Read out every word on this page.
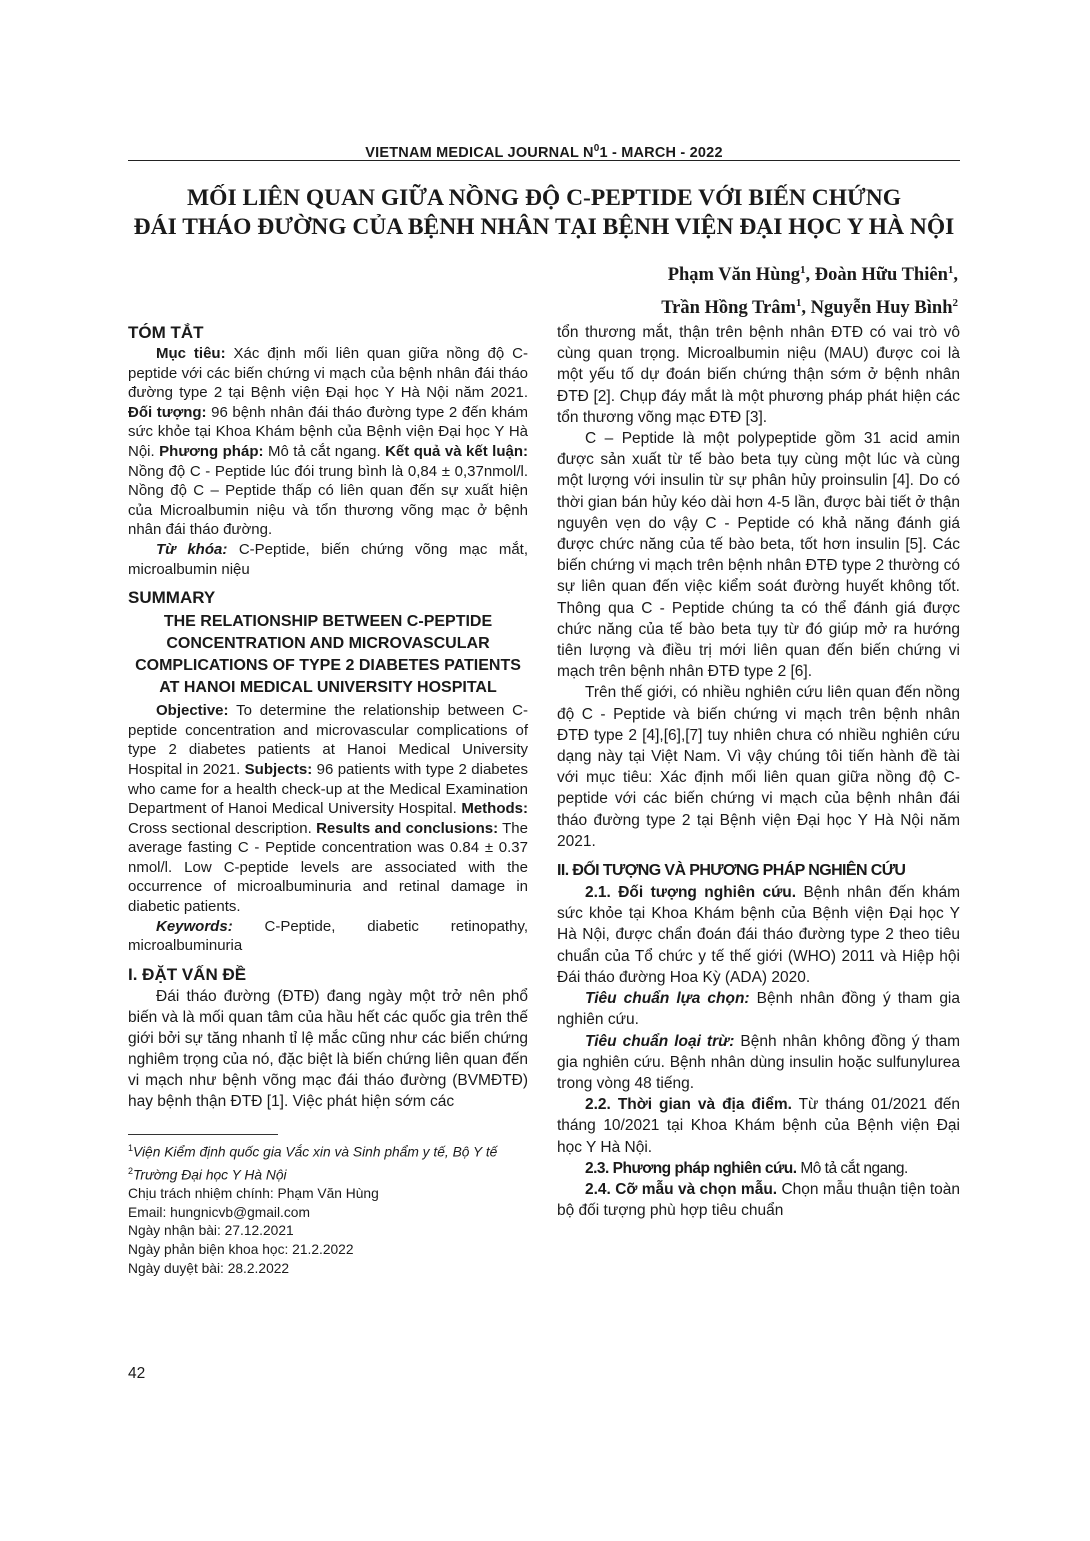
VIETNAM MEDICAL JOURNAL $N^01$ - MARCH - 2022
MỐI LIÊN QUAN GIỮA NỒNG ĐỘ C-PEPTIDE VỚI BIẾN CHỨNG
ĐÁI THÁO ĐƯỜNG CỦA BỆNH NHÂN TẠI BỆNH VIỆN ĐẠI HỌC Y HÀ NỘI
Phạm Văn Hùng$^1$, Đoàn Hữu Thiên$^1$,
Trần Hồng Trâm$^1$, Nguyễn Huy Bình$^2$
TÓM TẮT

Mục tiêu: Xác định mối liên quan giữa nồng độ C-peptide với các biến chứng vi mạch của bệnh nhân đái tháo đường type 2 tại Bệnh viện Đại học Y Hà Nội năm 2021. Đối tượng: 96 bệnh nhân đái tháo đường type 2 đến khám sức khỏe tại Khoa Khám bệnh của Bệnh viện Đại học Y Hà Nội. Phương pháp: Mô tả cắt ngang. Kết quả và kết luận: Nồng độ C - Peptide lúc đói trung bình là 0,84 ± 0,37nmol/l. Nồng độ C – Peptide thấp có liên quan đến sự xuất hiện của Microalbumin niệu và tổn thương võng mạc ở bệnh nhân đái tháo đường.

Từ khóa: C-Peptide, biến chứng võng mạc mắt, microalbumin niệu

SUMMARY

THE RELATIONSHIP BETWEEN C-PEPTIDE CONCENTRATION AND MICROVASCULAR COMPLICATIONS OF TYPE 2 DIABETES PATIENTS AT HANOI MEDICAL UNIVERSITY HOSPITAL

Objective: To determine the relationship between C-peptide concentration and microvascular complications of type 2 diabetes patients at Hanoi Medical University Hospital in 2021. Subjects: 96 patients with type 2 diabetes who came for a health check-up at the Medical Examination Department of Hanoi Medical University Hospital. Methods: Cross sectional description. Results and conclusions: The average fasting C - Peptide concentration was 0.84 ± 0.37 nmol/l. Low C-peptide levels are associated with the occurrence of microalbuminuria and retinal damage in diabetic patients.

Keywords: C-Peptide, diabetic retinopathy, microalbuminuria

I. ĐẶT VẤN ĐỀ

Đái tháo đường (ĐTĐ) đang ngày một trở nên phổ biến và là mối quan tâm của hầu hết các quốc gia trên thế giới bởi sự tăng nhanh tỉ lệ mắc cũng như các biến chứng nghiêm trọng của nó, đặc biệt là biến chứng liên quan đến vi mạch như bệnh võng mạc đái tháo đường (BVMĐTĐ) hay bệnh thận ĐTĐ [1]. Việc phát hiện sớm các

$^1$Viện Kiểm định quốc gia Vắc xin và Sinh phẩm y tế, Bộ Y tế

$^2$Trường Đại học Y Hà Nội

Chịu trách nhiệm chính: Phạm Văn Hùng

Email: hungnicvb@gmail.com

Ngày nhận bài: 27.12.2021

Ngày phản biện khoa học: 21.2.2022

Ngày duyệt bài: 28.2.2022

tổn thương mắt, thận trên bệnh nhân ĐTĐ có vai trò vô cùng quan trọng. Microalbumin niệu (MAU) được coi là một yếu tố dự đoán biến chứng thận sớm ở bệnh nhân ĐTĐ [2]. Chụp đáy mắt là một phương pháp phát hiện các tổn thương võng mạc ĐTĐ [3].

C – Peptide là một polypeptide gồm 31 acid amin được sản xuất từ tế bào beta tụy cùng một lúc và cùng một lượng với insulin từ sự phân hủy proinsulin [4]. Do có thời gian bán hủy kéo dài hơn 4-5 lần, được bài tiết ở thận nguyên vẹn do vậy C - Peptide có khả năng đánh giá được chức năng của tế bào beta, tốt hơn insulin [5]. Các biến chứng vi mạch trên bệnh nhân ĐTĐ type 2 thường có sự liên quan đến việc kiểm soát đường huyết không tốt. Thông qua C - Peptide chúng ta có thể đánh giá được chức năng của tế bào beta tụy từ đó giúp mở ra hướng tiên lượng và điều trị mới liên quan đến biến chứng vi mạch trên bệnh nhân ĐTĐ type 2 [6].

Trên thế giới, có nhiều nghiên cứu liên quan đến nồng độ C - Peptide và biến chứng vi mạch trên bệnh nhân ĐTĐ type 2 [4],[6],[7] tuy nhiên chưa có nhiều nghiên cứu dạng này tại Việt Nam. Vì vậy chúng tôi tiến hành đề tài với mục tiêu: Xác định mối liên quan giữa nồng độ C-peptide với các biến chứng vi mạch của bệnh nhân đái tháo đường type 2 tại Bệnh viện Đại học Y Hà Nội năm 2021.

II. ĐỐI TƯỢNG VÀ PHƯƠNG PHÁP NGHIÊN CỨU

2.1. Đối tượng nghiên cứu. Bệnh nhân đến khám sức khỏe tại Khoa Khám bệnh của Bệnh viện Đại học Y Hà Nội, được chẩn đoán đái tháo đường type 2 theo tiêu chuẩn của Tổ chức y tế thế giới (WHO) 2011 và Hiệp hội Đái tháo đường Hoa Kỳ (ADA) 2020.

Tiêu chuẩn lựa chọn: Bệnh nhân đồng ý tham gia nghiên cứu.

Tiêu chuẩn loại trừ: Bệnh nhân không đồng ý tham gia nghiên cứu. Bệnh nhân dùng insulin hoặc sulfunylurea trong vòng 48 tiếng.

2.2. Thời gian và địa điểm. Từ tháng 01/2021 đến tháng 10/2021 tại Khoa Khám bệnh của Bệnh viện Đại học Y Hà Nội.

2.3. Phương pháp nghiên cứu. Mô tả cắt ngang.

2.4. Cỡ mẫu và chọn mẫu. Chọn mẫu thuận tiện toàn bộ đối tượng phù hợp tiêu chuẩn

42
